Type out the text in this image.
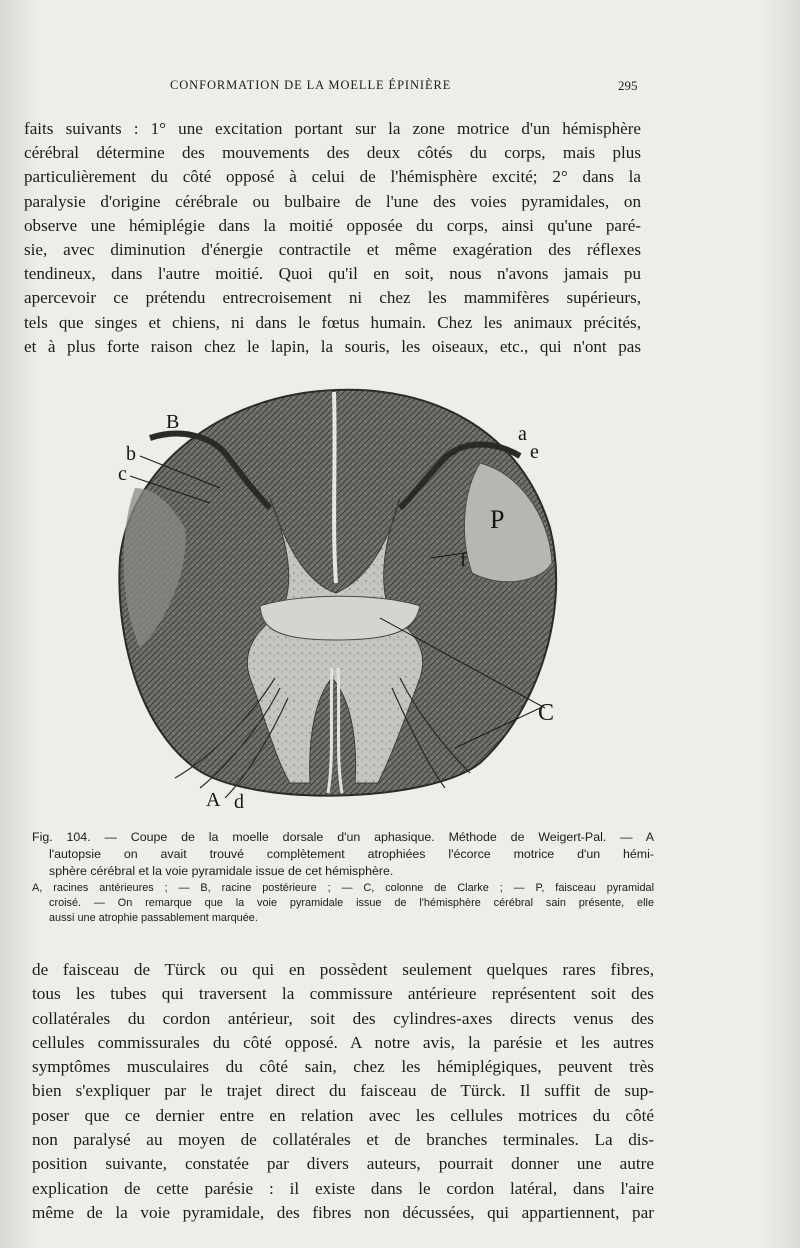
CONFORMATION DE LA MOELLE ÉPINIÈRE	295
faits suivants : 1° une excitation portant sur la zone motrice d'un hémisphère
cérébral détermine des mouvements des deux côtés du corps, mais plus
particulièrement du côté opposé à celui de l'hémisphère excité; 2° dans la
paralysie d'origine cérébrale ou bulbaire de l'une des voies pyramidales, on
observe une hémiplégie dans la moitié opposée du corps, ainsi qu'une paré-
sie, avec diminution d'énergie contractile et même exagération des réflexes
tendineux, dans l'autre moitié. Quoi qu'il en soit, nous n'avons jamais pu
apercevoir ce prétendu entrecroisement ni chez les mammifères supérieurs,
tels que singes et chiens, ni dans le fœtus humain. Chez les animaux précités,
et à plus forte raison chez le lapin, la souris, les oiseaux, etc., qui n'ont pas
B
b
c
a
e
P
f
C
A d
Fig. 104. — Coupe de la moelle dorsale d'un aphasique. Méthode de Weigert-Pal. — A
l'autopsie on avait trouvé complètement atrophiées l'écorce motrice d'un hémi-
sphère cérébral et la voie pyramidale issue de cet hémisphère.
A, racines antérieures ; — B, racine postérieure ; — C, colonne de Clarke ; — P, faisceau pyramidal
croisé. — On remarque que la voie pyramidale issue de l'hémisphère cérébral sain présente, elle
aussi une atrophie passablement marquée.
de faisceau de Türck ou qui en possèdent seulement quelques rares fibres,
tous les tubes qui traversent la commissure antérieure représentent soit des
collatérales du cordon antérieur, soit des cylindres-axes directs venus des
cellules commissurales du côté opposé. A notre avis, la parésie et les autres
symptômes musculaires du côté sain, chez les hémiplégiques, peuvent très
bien s'expliquer par le trajet direct du faisceau de Türck. Il suffit de sup-
poser que ce dernier entre en relation avec les cellules motrices du côté
non paralysé au moyen de collatérales et de branches terminales. La dis-
position suivante, constatée par divers auteurs, pourrait donner une autre
explication de cette parésie : il existe dans le cordon latéral, dans l'aire
même de la voie pyramidale, des fibres non décussées, qui appartiennent, par
